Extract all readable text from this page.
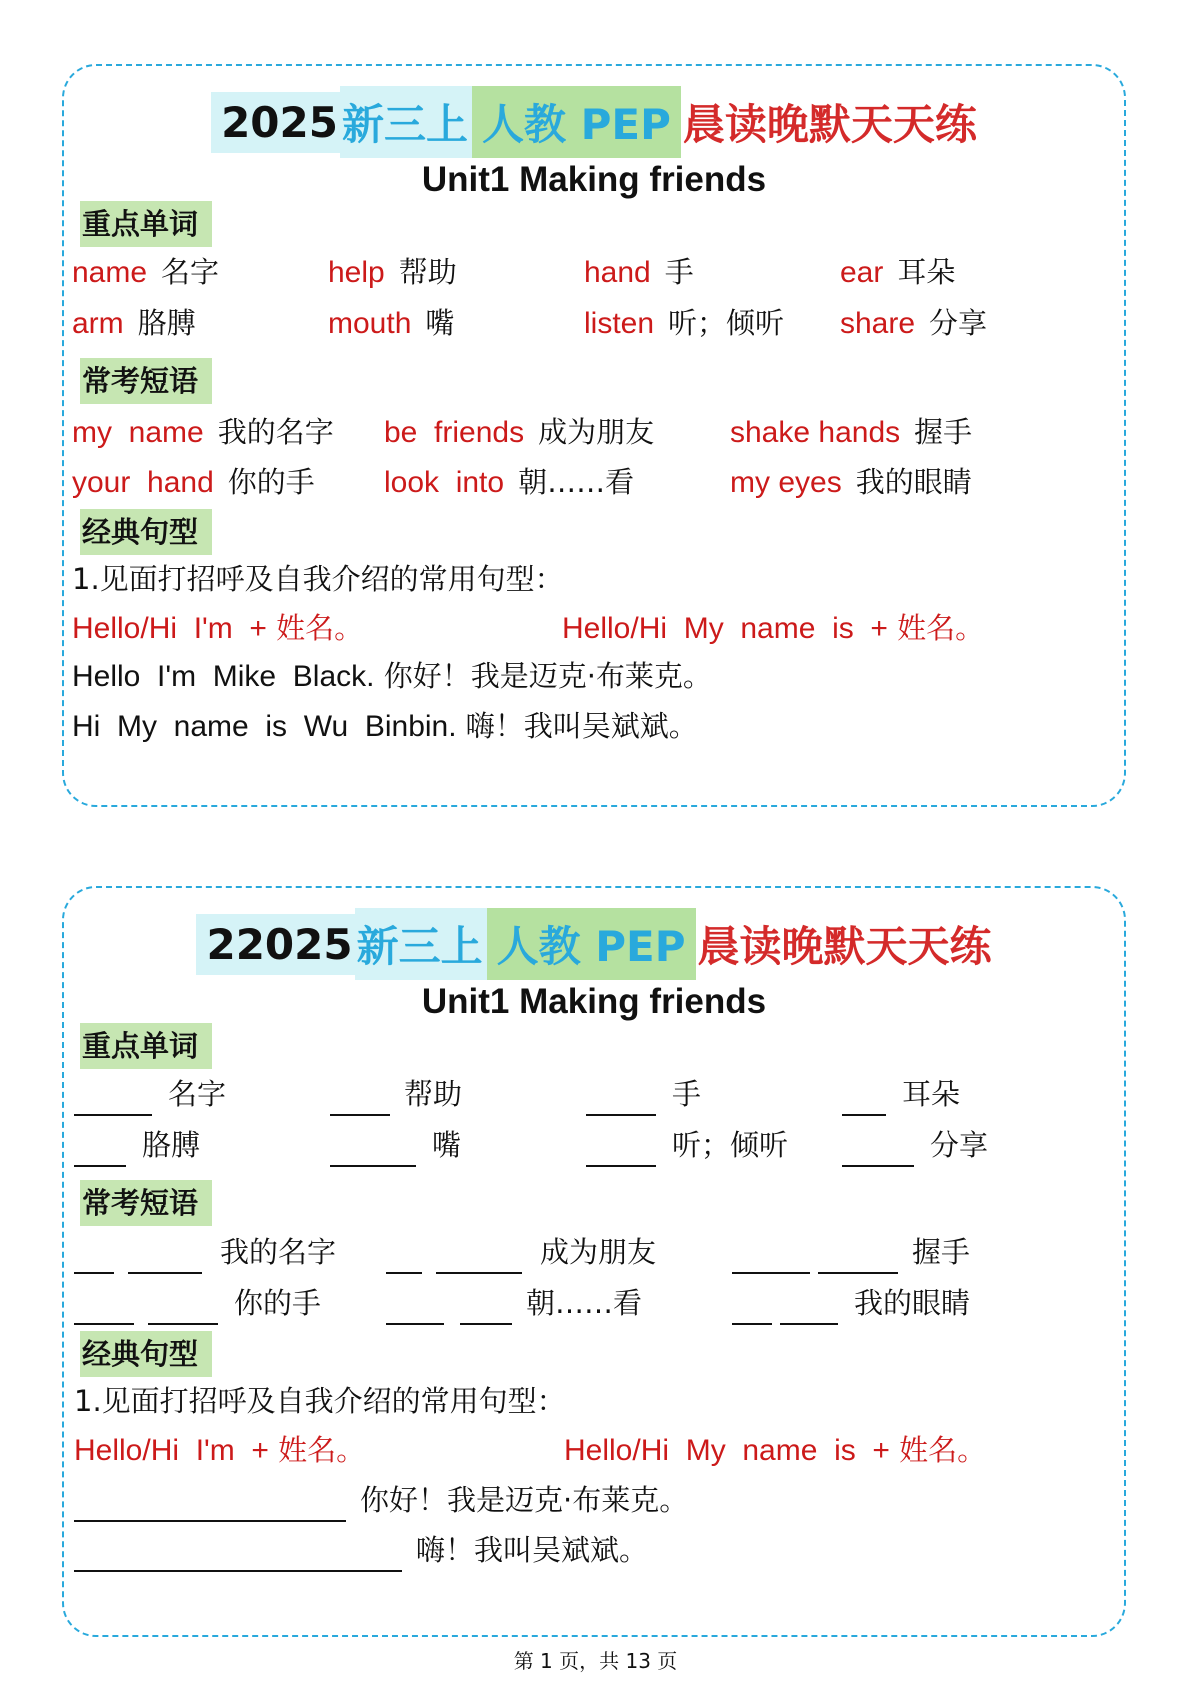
2025 新三上 人教 PEP 晨读晚默天天练
Unit1 Making friends
重点单词
name 名字	help 帮助	hand 手	ear 耳朵
arm 胳膊	mouth 嘴	listen 听；倾听 share 分享
常考短语
my  name 我的名字 be  friends 成为朋友	shake hands 握手
your  hand 你的手 look  into 朝……看	my eyes 我的眼睛
经典句型
1.见面打招呼及自我介绍的常用句型：
Hello/Hi  I'm  + 姓名。	Hello/Hi  My  name  is  + 姓名。
Hello  I'm  Mike  Black. 你好！我是迈克·布莱克。
Hi  My  name  is  Wu  Binbin. 嗨！我叫吴斌斌。
22025 新三上 人教 PEP 晨读晚默天天练
Unit1 Making friends
重点单词
名字	帮助	手	耳朵
胳膊	嘴	听；倾听	分享
常考短语
我的名字	成为朋友	握手
你的手	朝……看	我的眼睛
经典句型
1.见面打招呼及自我介绍的常用句型：
Hello/Hi  I'm  + 姓名。	Hello/Hi  My  name  is  + 姓名。
你好！我是迈克·布莱克。
嗨！我叫吴斌斌。
第 1 页，共 13 页
